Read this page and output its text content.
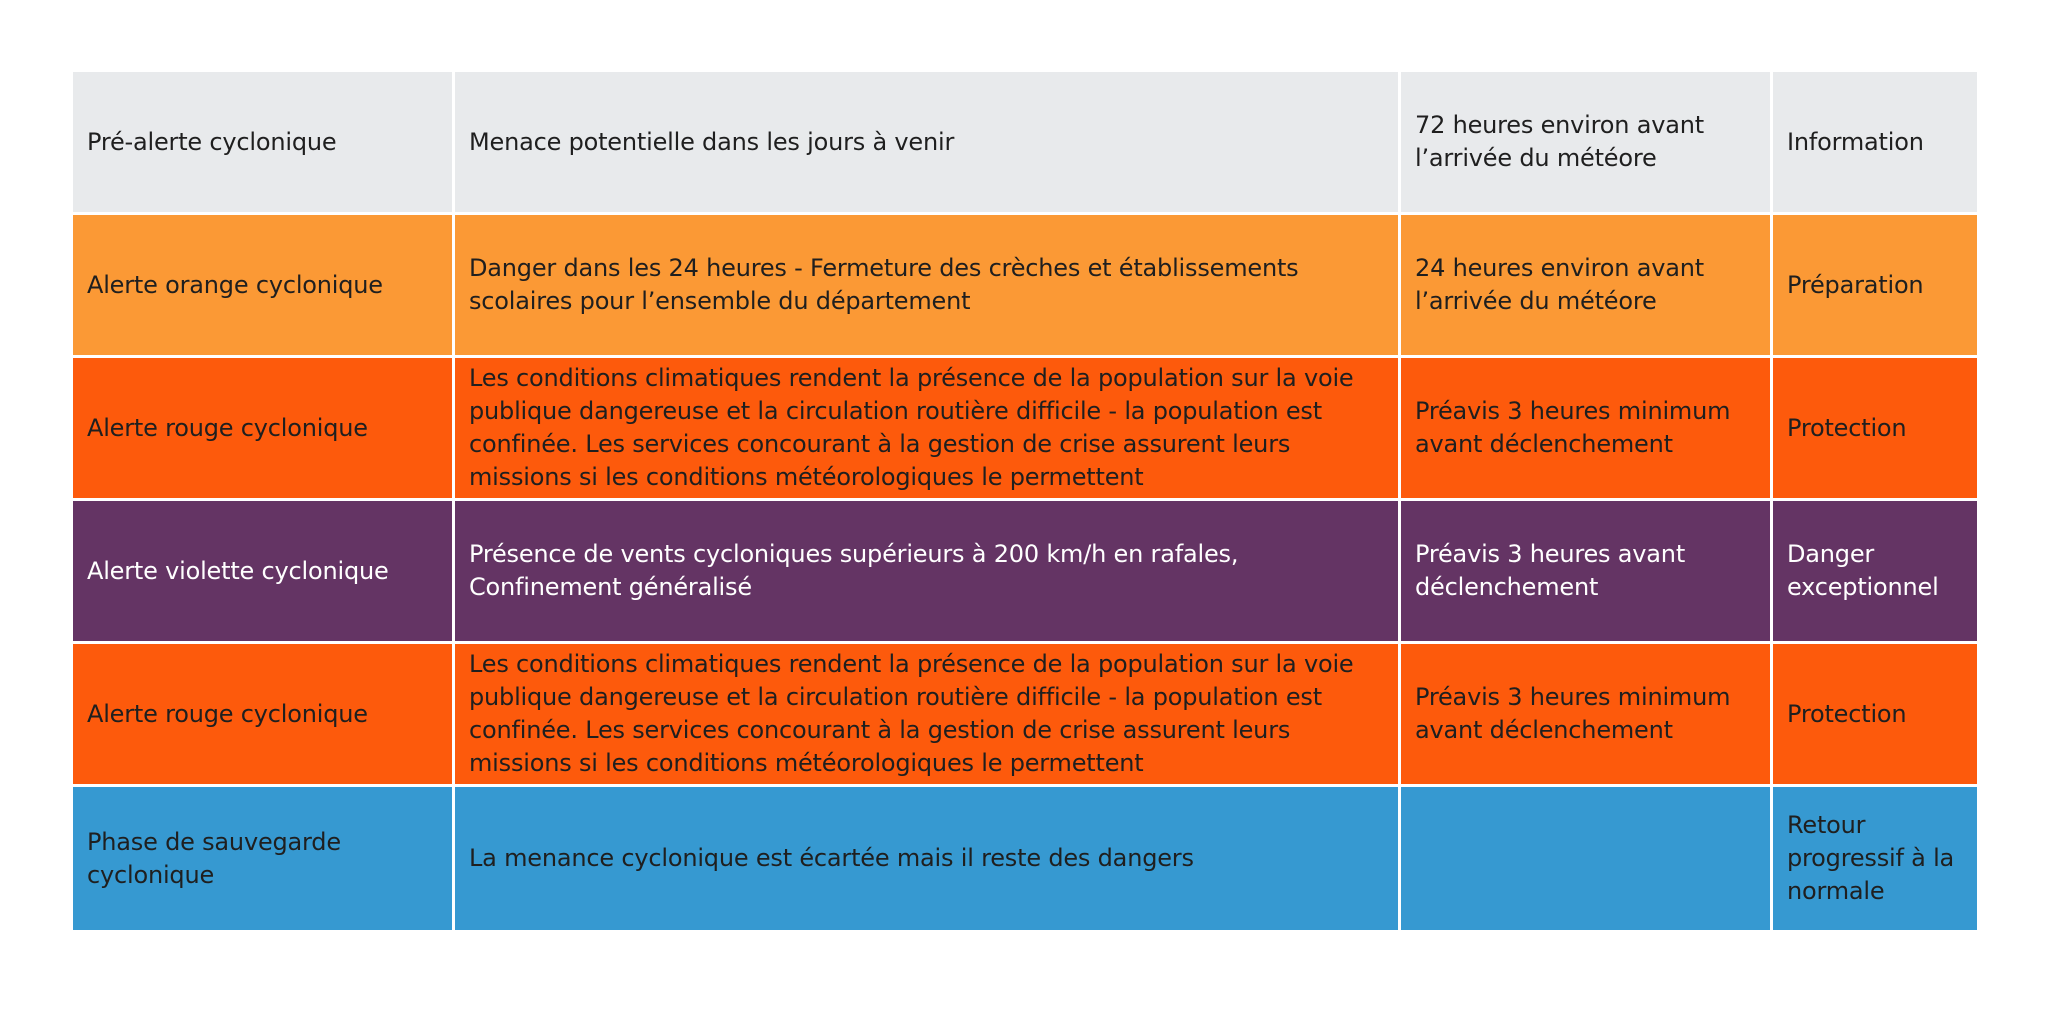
Pré-alerte cyclonique	Menace potentielle dans les jours à venir	72 heures environ avant l’arrivée du météore	Information
Alerte orange cyclonique	Danger dans les 24 heures - Fermeture des crèches et établissements scolaires pour l’ensemble du département	24 heures environ avant l’arrivée du météore	Préparation
Alerte rouge cyclonique	Les conditions climatiques rendent la présence de la population sur la voie publique dangereuse et la circulation routière difficile - la population est confinée. Les services concourant à la gestion de crise assurent leurs missions si les conditions météorologiques le permettent	Préavis 3 heures minimum avant déclenchement	Protection
Alerte violette cyclonique	Présence de vents cycloniques supérieurs à 200 km/h en rafales, Confinement généralisé	Préavis 3 heures avant déclenchement	Danger exceptionnel
Alerte rouge cyclonique	Les conditions climatiques rendent la présence de la population sur la voie publique dangereuse et la circulation routière difficile - la population est confinée. Les services concourant à la gestion de crise assurent leurs missions si les conditions météorologiques le permettent	Préavis 3 heures minimum avant déclenchement	Protection
Phase de sauvegarde cyclonique	La menance cyclonique est écartée mais il reste des dangers		Retour progressif à la normale
